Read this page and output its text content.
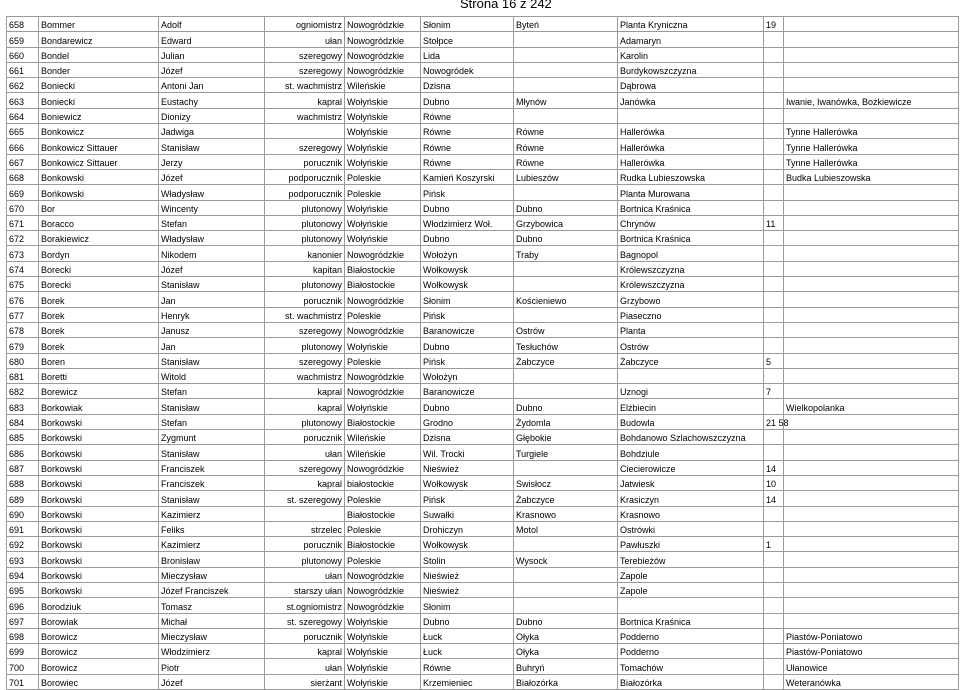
Strona 16 z 242
658	Bommer	Adolf	ogniomistrz	Nowogródzkie	Słonim	Byteń	Planta Kryniczna	19	
659	Bondarewicz	Edward	ułan	Nowogródzkie	Stołpce		Adamaryn		
660	Bondel	Julian	szeregowy	Nowogródzkie	Lida		Karolin		
661	Bonder	Józef	szeregowy	Nowogródzkie	Nowogródek		Burdykowszczyzna		
662	Boniecki	Antoni Jan	st. wachmistrz	Wileńskie	Dzisna		Dąbrowa		
663	Boniecki	Eustachy	kapral	Wołyńskie	Dubno	Młynów	Janówka		Iwanie, Iwanówka, Bożkiewicze
664	Boniewicz	Dionizy	wachmistrz	Wołyńskie	Równe				
665	Bonkowicz	Jadwiga		Wołyńskie	Równe	Równe	Hallerówka		Tynne Hallerówka
666	Bonkowicz Sittauer	Stanisław	szeregowy	Wołyńskie	Równe	Równe	Hallerówka		Tynne Hallerówka
667	Bonkowicz Sittauer	Jerzy	porucznik	Wołyńskie	Równe	Równe	Hallerówka		Tynne Hallerówka
668	Bonkowski	Józef	podporucznik	Poleskie	Kamień Koszyrski	Lubieszów	Rudka Lubieszowska		Budka Lubieszowska
669	Bońkowski	Władysław	podporucznik	Poleskie	Pińsk		Planta Murowana		
670	Bor	Wincenty	plutonowy	Wołyńskie	Dubno	Dubno	Bortnica Kraśnica		
671	Boracco	Stefan	plutonowy	Wołyńskie	Włodzimierz Woł.	Grzybowica	Chrynów	11	
672	Borakiewicz	Władysław	plutonowy	Wołyńskie	Dubno	Dubno	Bortnica Kraśnica		
673	Bordyn	Nikodem	kanonier	Nowogródzkie	Wołożyn	Traby	Bagnopol		
674	Borecki	Józef	kapitan	Białostockie	Wołkowysk		Królewszczyzna		
675	Borecki	Stanisław	plutonowy	Białostockie	Wołkowysk		Królewszczyzna		
676	Borek	Jan	porucznik	Nowogródzkie	Słonim	Kościeniewo	Grzybowo		
677	Borek	Henryk	st. wachmistrz	Poleskie	Pińsk		Piaseczno		
678	Borek	Janusz	szeregowy	Nowogródzkie	Baranowicze	Ostrów	Planta		
679	Borek	Jan	plutonowy	Wołyńskie	Dubno	Tesłuchów	Ostrów		
680	Boren	Stanisław	szeregowy	Poleskie	Pińsk	Żabczyce	Żabczyce	5	
681	Boretti	Witold	wachmistrz	Nowogródzkie	Wołożyn				
682	Borewicz	Stefan	kapral	Nowogródzkie	Baranowicze		Uznogi	7	
683	Borkowiak	Stanisław	kapral	Wołyńskie	Dubno	Dubno	Elżbiecin		Wielkopolanka
684	Borkowski	Stefan	plutonowy	Białostockie	Grodno	Żydomla	Budowla	21 58	
685	Borkowski	Zygmunt	porucznik	Wileńskie	Dzisna	Głębokie	Bohdanowo Szlachowszczyzna		
686	Borkowski	Stanisław	ułan	Wileńskie	Wil. Trocki	Turgiele	Bohdziule		
687	Borkowski	Franciszek	szeregowy	Nowogródzkie	Nieśwież		Ciecierowicze	14	
688	Borkowski	Franciszek	kapral	białostockie	Wołkowysk	Swisłocz	Jatwiesk	10	
689	Borkowski	Stanisław	st. szeregowy	Poleskie	Pińsk	Żabczyce	Krasiczyn	14	
690	Borkowski	Kazimierz		Białostockie	Suwałki	Krasnowo	Krasnowo		
691	Borkowski	Feliks	strzelec	Poleskie	Drohiczyn	Motol	Ostrówki		
692	Borkowski	Kazimierz	porucznik	Białostockie	Wołkowysk		Pawłuszki	1	
693	Borkowski	Bronisław	plutonowy	Poleskie	Stolin	Wysock	Terebieżów		
694	Borkowski	Mieczysław	ułan	Nowogródzkie	Nieśwież		Zapole		
695	Borkowski	Józef Franciszek	starszy ułan	Nowogródzkie	Nieśwież		Zapole		
696	Borodziuk	Tomasz	st.ogniomistrz	Nowogródzkie	Słonim				
697	Borowiak	Michał	st. szeregowy	Wołyńskie	Dubno	Dubno	Bortnica Kraśnica		
698	Borowicz	Mieczysław	porucznik	Wołyńskie	Łuck	Ołyka	Podderno		Piastów-Poniatowo
699	Borowicz	Włodzimierz	kapral	Wołyńskie	Łuck	Ołyka	Podderno		Piastów-Poniatowo
700	Borowicz	Piotr	ułan	Wołyńskie	Równe	Buhryń	Tomachów		Ułanowice
701	Borowiec	Józef	sierżant	Wołyńskie	Krzemieniec	Białozórka	Białozórka		Weteranówka
